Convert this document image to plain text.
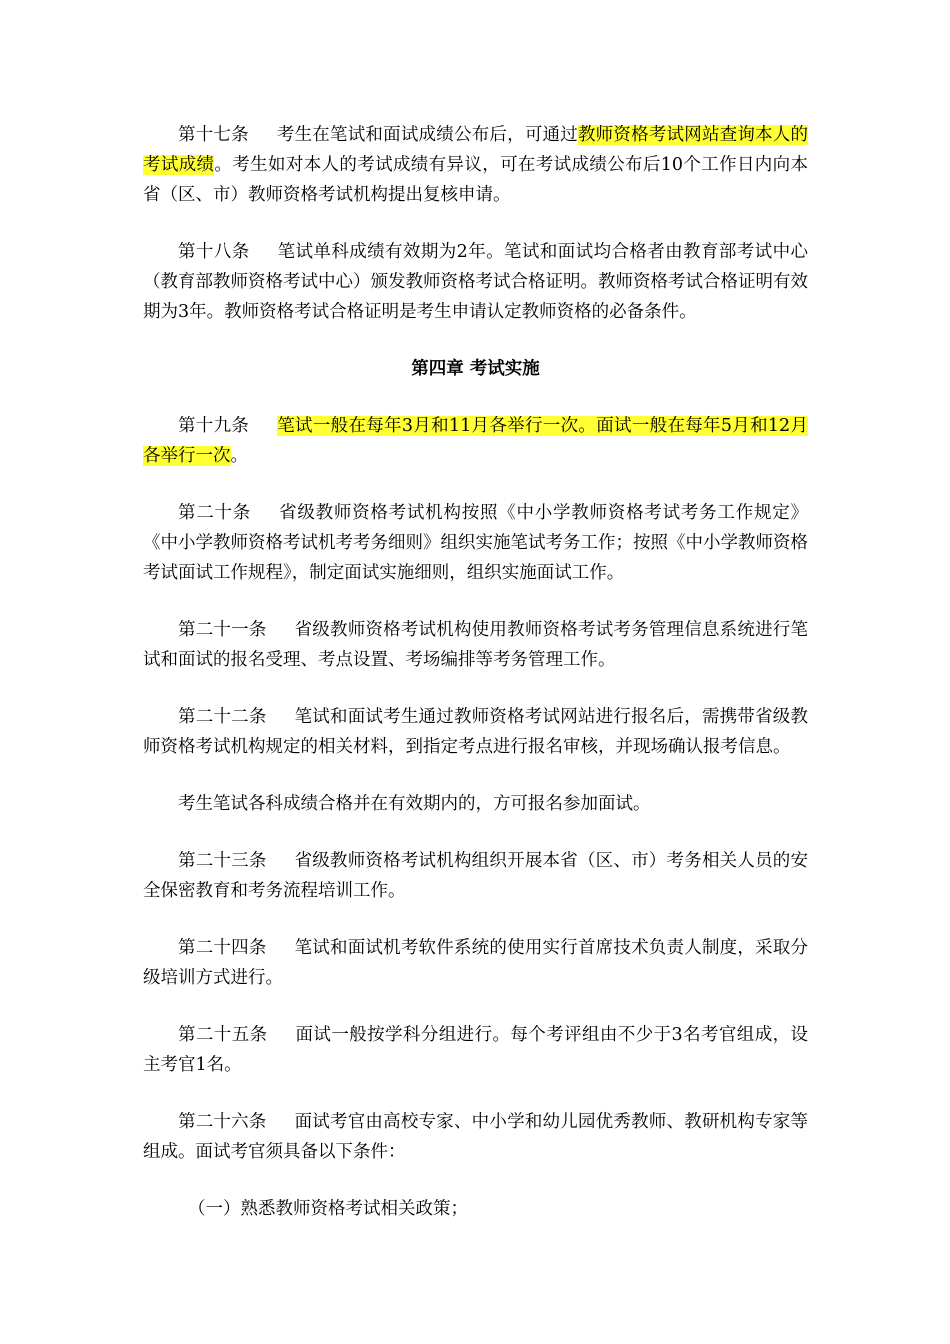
第十七条 考生在笔试和面试成绩公布后，可通过教师资格考试网站查询本人的考试成绩。考生如对本人的考试成绩有异议，可在考试成绩公布后10个工作日内向本省（区、市）教师资格考试机构提出复核申请。

第十八条 笔试单科成绩有效期为2年。笔试和面试均合格者由教育部考试中心（教育部教师资格考试中心）颁发教师资格考试合格证明。教师资格考试合格证明有效期为3年。教师资格考试合格证明是考生申请认定教师资格的必备条件。

第四章 考试实施

第十九条 笔试一般在每年3月和11月各举行一次。面试一般在每年5月和12月各举行一次。

第二十条 省级教师资格考试机构按照《中小学教师资格考试考务工作规定》《中小学教师资格考试机考考务细则》组织实施笔试考务工作；按照《中小学教师资格考试面试工作规程》，制定面试实施细则，组织实施面试工作。

第二十一条 省级教师资格考试机构使用教师资格考试考务管理信息系统进行笔试和面试的报名受理、考点设置、考场编排等考务管理工作。

第二十二条 笔试和面试考生通过教师资格考试网站进行报名后，需携带省级教师资格考试机构规定的相关材料，到指定考点进行报名审核，并现场确认报考信息。

考生笔试各科成绩合格并在有效期内的，方可报名参加面试。

第二十三条 省级教师资格考试机构组织开展本省（区、市）考务相关人员的安全保密教育和考务流程培训工作。

第二十四条 笔试和面试机考软件系统的使用实行首席技术负责人制度，采取分级培训方式进行。

第二十五条 面试一般按学科分组进行。每个考评组由不少于3名考官组成，设主考官1名。

第二十六条 面试考官由高校专家、中小学和幼儿园优秀教师、教研机构专家等组成。面试考官须具备以下条件：

（一）熟悉教师资格考试相关政策；
